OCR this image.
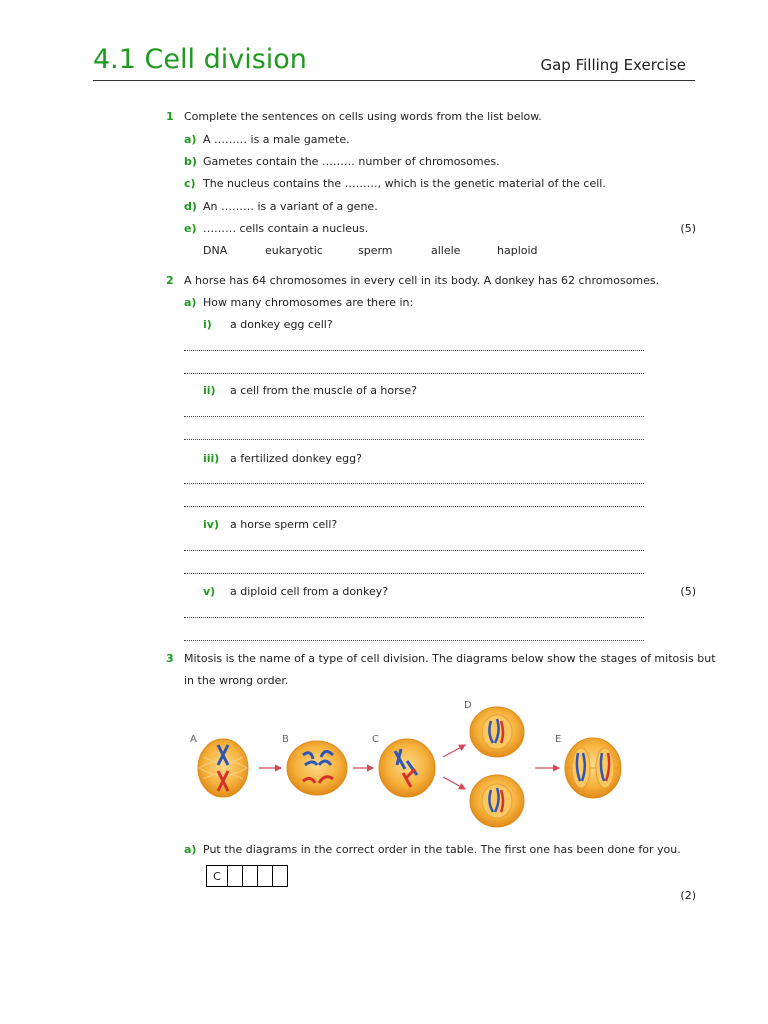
4.1 Cell division	Gap Filling Exercise
1 Complete the sentences on cells using words from the list below.
a) A ……… is a male gamete.
b) Gametes contain the ……… number of chromosomes.
c) The nucleus contains the ………, which is the genetic material of the cell.
d) An ……… is a variant of a gene.
e) ……… cells contain a nucleus.	(5)
DNA	eukaryotic	sperm	allele	haploid
2 A horse has 64 chromosomes in every cell in its body. A donkey has 62 chromosomes.
a) How many chromosomes are there in:
i) a donkey egg cell?
ii) a cell from the muscle of a horse?
iii) a fertilized donkey egg?
iv) a horse sperm cell?
v) a diploid cell from a donkey?	(5)
3 Mitosis is the name of a type of cell division. The diagrams below show the stages of mitosis but
in the wrong order.
A	B	C
D
E
a) Put the diagrams in the correct order in the table. The first one has been done for you.
C				
(2)
